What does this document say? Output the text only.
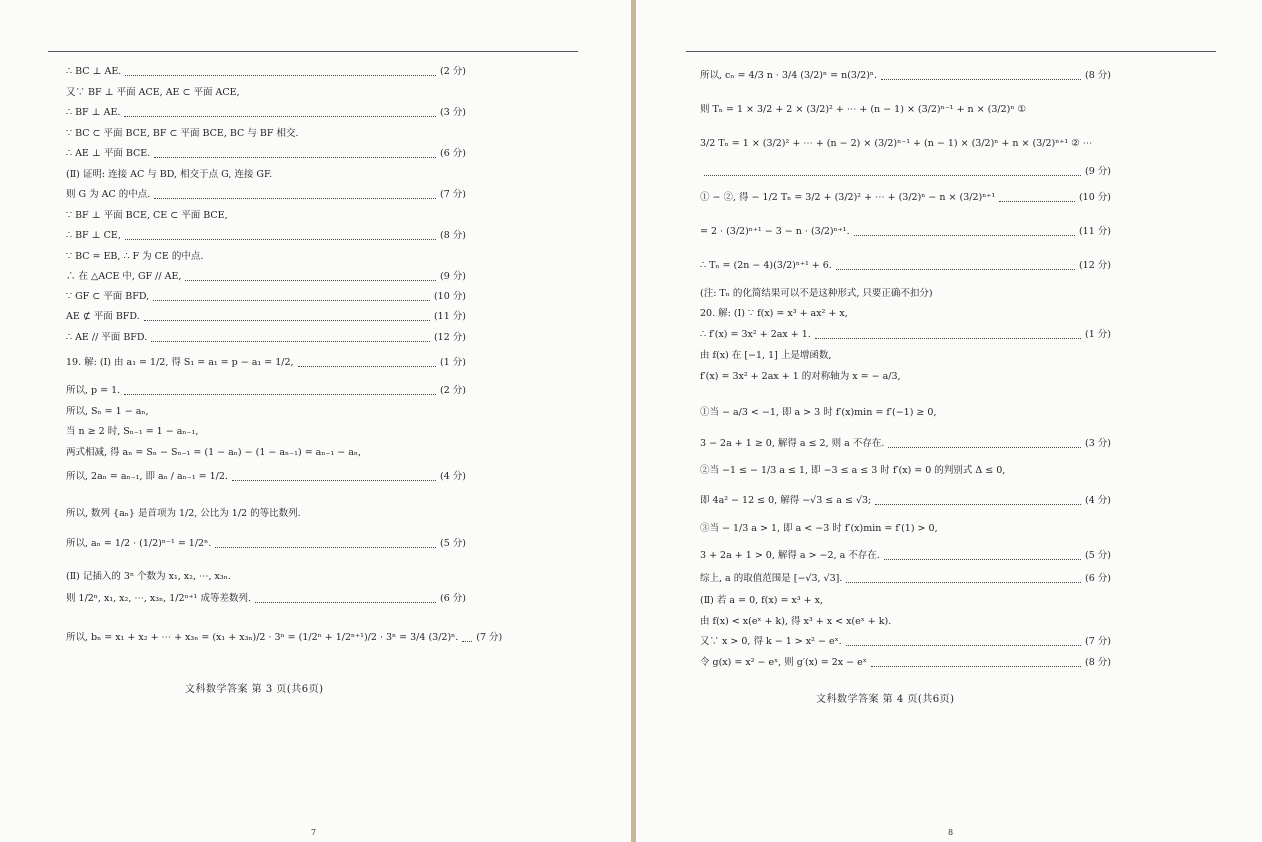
∴ BC ⊥ AE.	(2 分)
又∵ BF ⊥ 平面 ACE, AE ⊂ 平面 ACE,
∴ BF ⊥ AE.	(3 分)
∵ BC ⊂ 平面 BCE, BF ⊂ 平面 BCE, BC 与 BF 相交.
∴ AE ⊥ 平面 BCE.	(6 分)
(Ⅱ) 证明: 连接 AC 与 BD, 相交于点 G, 连接 GF.
则 G 为 AC 的中点.	(7 分)
∵ BF ⊥ 平面 BCE, CE ⊂ 平面 BCE,
∴ BF ⊥ CE,	(8 分)
∵ BC = EB, ∴ F 为 CE 的中点.
∴ 在 △ACE 中, GF // AE,	(9 分)
∵ GF ⊂ 平面 BFD,	(10 分)
AE ⊄ 平面 BFD.	(11 分)
∴ AE // 平面 BFD.	(12 分)
19. 解: (Ⅰ) 由 a₁ = 1/2, 得 S₁ = a₁ = p − a₁ = 1/2,	(1 分)
所以, p = 1.	(2 分)
所以, Sₙ = 1 − aₙ,
当 n ≥ 2 时, Sₙ₋₁ = 1 − aₙ₋₁,
两式相减, 得 aₙ = Sₙ − Sₙ₋₁ = (1 − aₙ) − (1 − aₙ₋₁) = aₙ₋₁ − aₙ,
所以, 2aₙ = aₙ₋₁, 即 aₙ / aₙ₋₁ = 1/2.	(4 分)
所以, 数列 {aₙ} 是首项为 1/2, 公比为 1/2 的等比数列.
所以, aₙ = 1/2 · (1/2)ⁿ⁻¹ = 1/2ⁿ.	(5 分)
(Ⅱ) 记插入的 3ⁿ 个数为 x₁, x₂, ⋯, x₃ₙ.
则 1/2ⁿ, x₁, x₂, ⋯, x₃ₙ, 1/2ⁿ⁺¹ 成等差数列.	(6 分)
所以, bₙ = x₁ + x₂ + ⋯ + x₃ₙ = (x₁ + x₃ₙ)/2 · 3ⁿ = (1/2ⁿ + 1/2ⁿ⁺¹)/2 · 3ⁿ = 3/4 (3/2)ⁿ. (7 分)
文科数学答案 第 3 页(共6页)
7
所以, cₙ = 4/3 n · 3/4 (3/2)ⁿ = n(3/2)ⁿ.	(8 分)
则 Tₙ = 1 × 3/2 + 2 × (3/2)² + ⋯ + (n − 1) × (3/2)ⁿ⁻¹ + n × (3/2)ⁿ ①
3/2 Tₙ = 1 × (3/2)² + ⋯ + (n − 2) × (3/2)ⁿ⁻¹ + (n − 1) × (3/2)ⁿ + n × (3/2)ⁿ⁺¹ ② ⋯
(9 分)
① − ②, 得 − 1/2 Tₙ = 3/2 + (3/2)² + ⋯ + (3/2)ⁿ − n × (3/2)ⁿ⁺¹	(10 分)
= 2 · (3/2)ⁿ⁺¹ − 3 − n · (3/2)ⁿ⁺¹.	(11 分)
∴ Tₙ = (2n − 4)(3/2)ⁿ⁺¹ + 6.	(12 分)
(注: Tₙ 的化简结果可以不是这种形式, 只要正确不扣分)
20. 解: (Ⅰ) ∵ f(x) = x³ + ax² + x,
∴ f′(x) = 3x² + 2ax + 1.	(1 分)
由 f(x) 在 [−1, 1] 上是增函数,
f′(x) = 3x² + 2ax + 1 的对称轴为 x = − a/3,
①当 − a/3 < −1, 即 a > 3 时 f′(x)min = f′(−1) ≥ 0,
3 − 2a + 1 ≥ 0, 解得 a ≤ 2, 则 a 不存在.	(3 分)
②当 −1 ≤ − 1/3 a ≤ 1, 即 −3 ≤ a ≤ 3 时 f′(x) = 0 的判别式 Δ ≤ 0,
即 4a² − 12 ≤ 0, 解得 −√3 ≤ a ≤ √3;	(4 分)
③当 − 1/3 a > 1, 即 a < −3 时 f′(x)min = f′(1) > 0,
3 + 2a + 1 > 0, 解得 a > −2, a 不存在.	(5 分)
综上, a 的取值范围是 [−√3, √3].	(6 分)
(Ⅱ) 若 a = 0, f(x) = x³ + x,
由 f(x) < x(eˣ + k), 得 x³ + x < x(eˣ + k).
又∵ x > 0, 得 k − 1 > x² − eˣ.	(7 分)
令 g(x) = x² − eˣ, 则 g′(x) = 2x − eˣ	(8 分)
文科数学答案 第 4 页(共6页)
8
